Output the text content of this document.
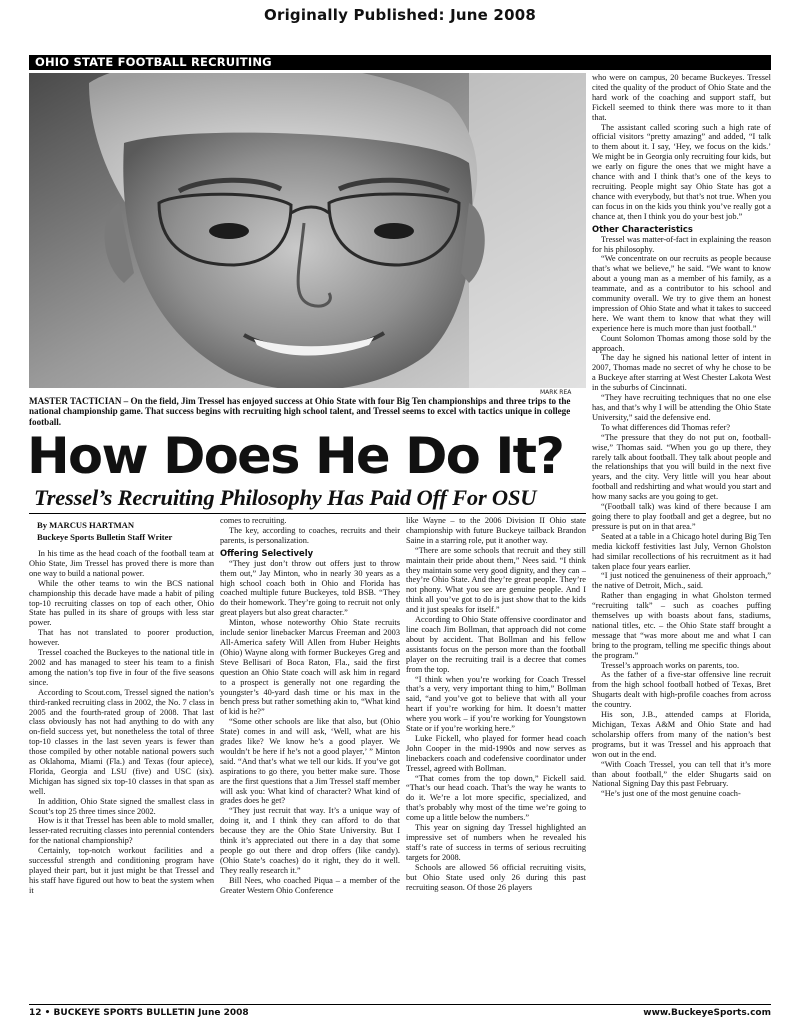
Originally Published: June 2008
OHIO STATE FOOTBALL RECRUITING
MARK REA
MASTER TACTICIAN – On the field, Jim Tressel has enjoyed success at Ohio State with four Big Ten championships and three trips to the national championship game. That success begins with recruiting high school talent, and Tressel seems to excel with tactics unique in college football.
How Does He Do It?
Tressel’s Recruiting Philosophy Has Paid Off For OSU
By MARCUS HARTMAN
Buckeye Sports Bulletin Staff Writer

In his time as the head coach of the football team at Ohio State, Jim Tressel has proved there is more than one way to build a national power.

While the other teams to win the BCS national championship this decade have made a habit of piling top-10 recruiting classes on top of each other, Ohio State has pulled in its share of groups with less star power.

That has not translated to poorer production, however.

Tressel coached the Buckeyes to the national title in 2002 and has managed to steer his team to a finish among the nation’s top five in four of the five seasons since.

According to Scout.com, Tressel signed the nation’s third-ranked recruiting class in 2002, the No. 7 class in 2005 and the fourth-rated group of 2008. That last class obviously has not had anything to do with any on-field success yet, but nonetheless the total of three top-10 classes in the last seven years is fewer than those compiled by other notable national powers such as Oklahoma, Miami (Fla.) and Texas (four apiece), Florida, Georgia and LSU (five) and USC (six). Michigan has signed six top-10 classes in that span as well.

In addition, Ohio State signed the smallest class in Scout’s top 25 three times since 2002.

How is it that Tressel has been able to mold smaller, lesser-rated recruiting classes into perennial contenders for the national championship?

Certainly, top-notch workout facilities and a successful strength and conditioning program have played their part, but it just might be that Tressel and his staff have figured out how to beat the system when it

comes to recruiting.

The key, according to coaches, recruits and their parents, is personalization.

Offering Selectively

“They just don’t throw out offers just to throw them out,” Jay Minton, who in nearly 30 years as a high school coach both in Ohio and Florida has coached multiple future Buckeyes, told BSB. “They do their homework. They’re going to recruit not only great players but also great character.”

Minton, whose noteworthy Ohio State recruits include senior linebacker Marcus Freeman and 2003 All-America safety Will Allen from Huber Heights (Ohio) Wayne along with former Buckeyes Greg and Steve Bellisari of Boca Raton, Fla., said the first question an Ohio State coach will ask him in regard to a prospect is generally not one regarding the youngster’s 40-yard dash time or his max in the bench press but rather something akin to, “What kind of kid is he?”

“Some other schools are like that also, but (Ohio State) comes in and will ask, ‘Well, what are his grades like? We know he’s a good player. We wouldn’t be here if he’s not a good player,’ ” Minton said. “And that’s what we tell our kids. If you’ve got aspirations to go there, you better make sure. Those are the first questions that a Jim Tressel staff member will ask you: What kind of character? What kind of grades does he get?

“They just recruit that way. It’s a unique way of doing it, and I think they can afford to do that because they are the Ohio State University. But I think it’s appreciated out there in a day that some people go out there and drop offers (like candy). (Ohio State’s coaches) do it right, they do it well. They really research it.”

Bill Nees, who coached Piqua – a member of the Greater Western Ohio Conference

like Wayne – to the 2006 Division II Ohio state championship with future Buckeye tailback Brandon Saine in a starring role, put it another way.

“There are some schools that recruit and they still maintain their pride about them,” Nees said. “I think they maintain some very good dignity, and they can – they’re Ohio State. And they’re great people. They’re not phony. What you see are genuine people. And I think all you’ve got to do is just show that to the kids and it just speaks for itself.”

According to Ohio State offensive coordinator and line coach Jim Bollman, that approach did not come about by accident. That Bollman and his fellow assistants focus on the person more than the football player on the recruiting trail is a decree that comes from the top.

“I think when you’re working for Coach Tressel that’s a very, very important thing to him,” Bollman said, “and you’ve got to believe that with all your heart if you’re working for him. It doesn’t matter where you work – if you’re working for Youngstown State or if you’re working here.”

Luke Fickell, who played for former head coach John Cooper in the mid-1990s and now serves as linebackers coach and codefensive coordinator under Tressel, agreed with Bollman.

“That comes from the top down,” Fickell said. “That’s our head coach. That’s the way he wants to do it. We’re a lot more specific, specialized, and that’s probably why most of the time we’re going to come up a little below the numbers.”

This year on signing day Tressel highlighted an impressive set of numbers when he revealed his staff’s rate of success in terms of serious recruiting targets for 2008.

Schools are allowed 56 official recruiting visits, but Ohio State used only 26 during this past recruiting season. Of those 26 players

who were on campus, 20 became Buckeyes. Tressel cited the quality of the product of Ohio State and the hard work of the coaching and support staff, but Fickell seemed to think there was more to it than that.

The assistant called scoring such a high rate of official visitors “pretty amazing” and added, “I talk to them about it. I say, ‘Hey, we focus on the kids.’ We might be in Georgia only recruiting four kids, but we early on figure the ones that we might have a chance with and I think that’s one of the keys to recruiting. People might say Ohio State has got a chance with everybody, but that’s not true. When you can focus in on the kids you think you’ve really got a chance at, then I think you do your best job.”

Other Characteristics

Tressel was matter-of-fact in explaining the reason for his philosophy.

“We concentrate on our recruits as people because that’s what we believe,” he said. “We want to know about a young man as a member of his family, as a teammate, and as a contributor to his school and community overall. We try to give them an honest impression of Ohio State and what it takes to succeed here. We want them to know that what they will experience here is much more than just football.”

Count Solomon Thomas among those sold by the approach.

The day he signed his national letter of intent in 2007, Thomas made no secret of why he chose to be a Buckeye after starring at West Chester Lakota West in the suburbs of Cincinnati.

“They have recruiting techniques that no one else has, and that’s why I will be attending the Ohio State University,” said the defensive end.

To what differences did Thomas refer?

“The pressure that they do not put on, football-wise,” Thomas said. “When you go up there, they rarely talk about football. They talk about people and the relationships that you will build in the next five years, and the city. Very little will you hear about football and redshirting and what would you start and how many sacks are you going to get.

“(Football talk) was kind of there because I am going there to play football and get a degree, but no pressure is put on in that area.”

Seated at a table in a Chicago hotel during Big Ten media kickoff festivities last July, Vernon Gholston had similar recollections of his recruitment as it had taken place four years earlier.

“I just noticed the genuineness of their approach,” the native of Detroit, Mich., said.

Rather than engaging in what Gholston termed “recruiting talk” – such as coaches puffing themselves up with boasts about fans, stadiums, national titles, etc. – the Ohio State staff brought a message that “was more about me and what I can bring to the program, telling me specific things about the program.”

Tressel’s approach works on parents, too.

As the father of a five-star offensive line recruit from the high school football hotbed of Texas, Bret Shugarts dealt with high-profile coaches from across the country.

His son, J.B., attended camps at Florida, Michigan, Texas A&M and Ohio State and had scholarship offers from many of the nation’s best programs, but it was Tressel and his approach that won out in the end.

“With Coach Tressel, you can tell that it’s more than about football,” the elder Shugarts said on National Signing Day this past February.

“He’s just one of the most genuine coach-

12 • BUCKEYE SPORTS BULLETIN June 2008	www.BuckeyeSports.com
